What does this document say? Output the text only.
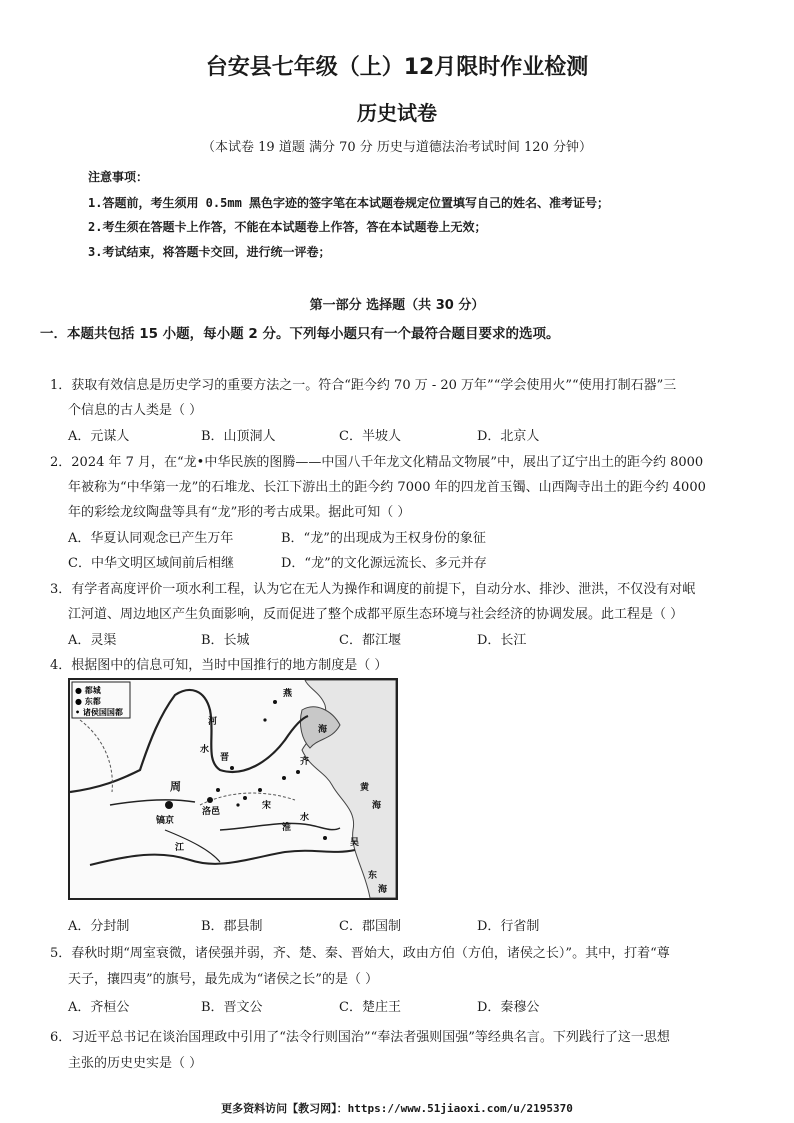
台安县七年级（上）12月限时作业检测
历史试卷
（本试卷 19 道题 满分 70 分 历史与道德法治考试时间 120 分钟）
注意事项：
1.答题前，考生须用 0.5mm 黑色字迹的签字笔在本试题卷规定位置填写自己的姓名、准考证号；
2.考生须在答题卡上作答，不能在本试题卷上作答，答在本试题卷上无效；
3.考试结束，将答题卡交回，进行统一评卷；
第一部分 选择题（共 30 分）
一．本题共包括 15 小题，每小题 2 分。下列每小题只有一个最符合题目要求的选项。
1．获取有效信息是历史学习的重要方法之一。符合“距今约 70 万 - 20 万年”“学会使用火”“使用打制石器”三
个信息的古人类是（ ）
A．元谋人	B．山顶洞人	C．半坡人	D．北京人
2．2024 年 7 月，在“龙•中华民族的图腾——中国八千年龙文化精品文物展”中，展出了辽宁出土的距今约 8000
年被称为“中华第一龙”的石堆龙、长江下游出土的距今约 7000 年的四龙首玉镯、山西陶寺出土的距今约 4000
年的彩绘龙纹陶盘等具有“龙”形的考古成果。据此可知（ ）
A．华夏认同观念已产生万年	B．“龙”的出现成为王权身份的象征
C．中华文明区域间前后相继	D．“龙”的文化源远流长、多元并存
3．有学者高度评价一项水利工程，认为它在无人为操作和调度的前提下，自动分水、排沙、泄洪，不仅没有对岷
江河道、周边地区产生负面影响，反而促进了整个成都平原生态环境与社会经济的协调发展。此工程是（ ）
A．灵渠	B．长城	C．都江堰	D．长江
4．根据图中的信息可知，当时中国推行的地方制度是（ ）
● 都城
● 东都
• 诸侯国国都
燕
河
水
晋	齐
周
洛邑
宋
镐京
淮
水
江	吴
海
黄
海
东
海
A．分封制	B．郡县制	C．郡国制	D．行省制
5．春秋时期“周室衰微，诸侯强并弱，齐、楚、秦、晋始大，政由方伯（方伯，诸侯之长）”。其中，打着“尊
天子，攘四夷”的旗号，最先成为“诸侯之长”的是（ ）
A．齐桓公	B．晋文公	C．楚庄王	D．秦穆公
6．习近平总书记在谈治国理政中引用了“法令行则国治”“奉法者强则国强”等经典名言。下列践行了这一思想
主张的历史史实是（ ）
更多资料访问【教习网】：https://www.51jiaoxi.com/u/2195370
